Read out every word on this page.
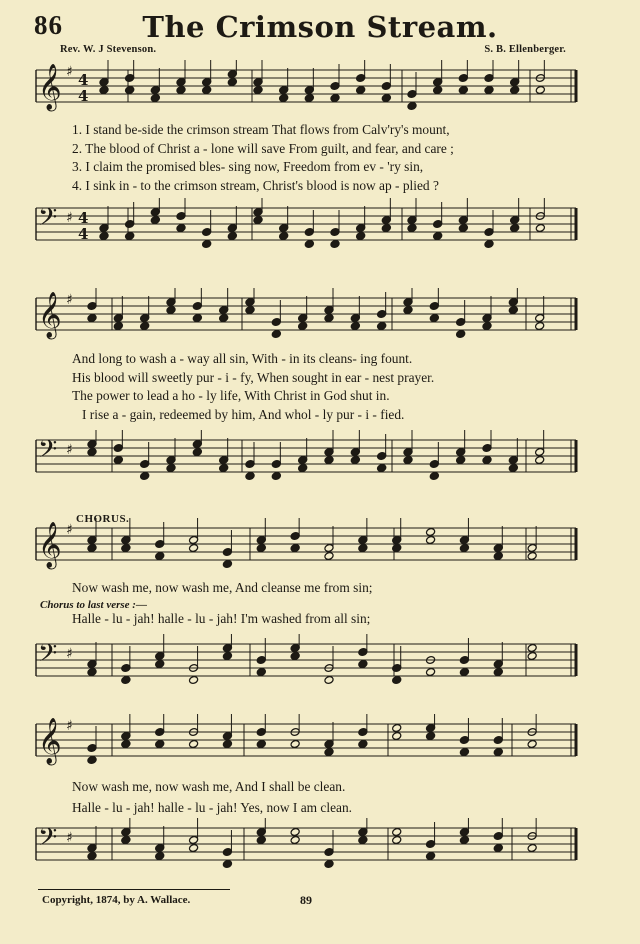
86	The Crimson Stream.
Rev. W. J Stevenson.	S. B. Ellenberger.
𝄞 ♯ 4
4
1. I stand be-side the crimson stream That flows from Calv'ry's mount,
2. The blood of Christ a - lone will save From guilt, and fear, and care ;
3. I claim the promised bles- sing now, Freedom from ev - 'ry sin,
4. I sink in - to the crimson stream, Christ's blood is now ap - plied ?
𝄢 ♯ 4
4
𝄞 ♯
And long to wash a - way all sin, With - in its cleans- ing fount.
His blood will sweetly pur - i - fy, When sought in ear - nest prayer.
The power to lead a ho - ly life, With Christ in God shut in.
I rise a - gain, redeemed by him, And whol - ly pur - i - fied.
𝄢 ♯
CHORUS.
𝄞 ♯
Now wash me, now wash me, And cleanse me from sin;
Chorus to last verse :—
Halle - lu - jah! halle - lu - jah! I'm washed from all sin;
𝄢 ♯
𝄞 ♯
Now wash me, now wash me, And I shall be clean.
Halle - lu - jah! halle - lu - jah! Yes, now I am clean.
𝄢 ♯
Copyright, 1874, by A. Wallace.	89
